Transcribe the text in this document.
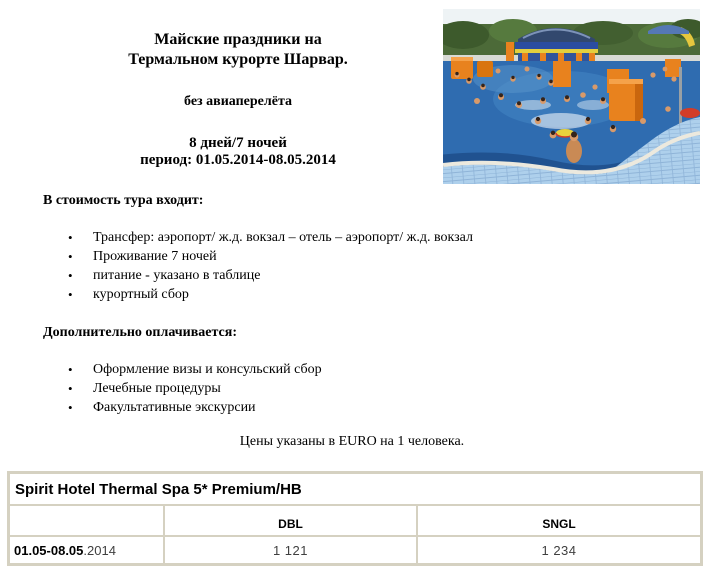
Майские праздники на
Термальном курорте Шарвар.

без авиаперелёта

8 дней/7 ночей
период: 01.05.2014-08.05.2014

В стоимость тура входит:

• Трансфер: аэропорт/ ж.д. вокзал – отель – аэропорт/ ж.д. вокзал
• Проживание 7 ночей
• питание - указано в таблице
• курортный сбор

Дополнительно оплачивается:

• Оформление визы и консульский сбор
• Лечебные процедуры
• Факультативные экскурсии

Цены указаны в EURO на 1 человека.

Spirit Hotel Thermal Spa 5* Premium/HB		
	DBL	SNGL
01.05-08.05.2014	1 121	1 234
